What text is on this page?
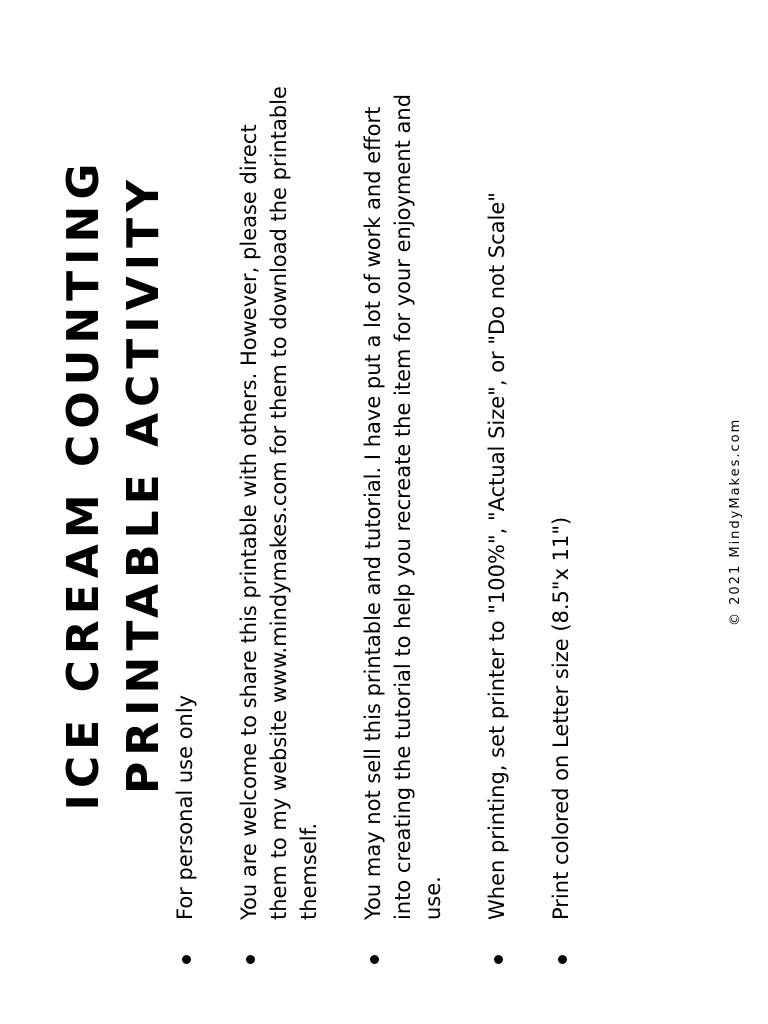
ICE CREAM COUNTING PRINTABLE ACTIVITY
For personal use only You are welcome to share this printable with others. However, please direct them to my website www.mindymakes.com for them to download the printable themself. You may not sell this printable and tutorial. I have put a lot of work and effort into creating the tutorial to help you recreate the item for your enjoyment and use. When printing, set printer to "100%", "Actual Size", or "Do not Scale" Print colored on Letter size (8.5"x 11")	© 2021 MindyMakes.com
